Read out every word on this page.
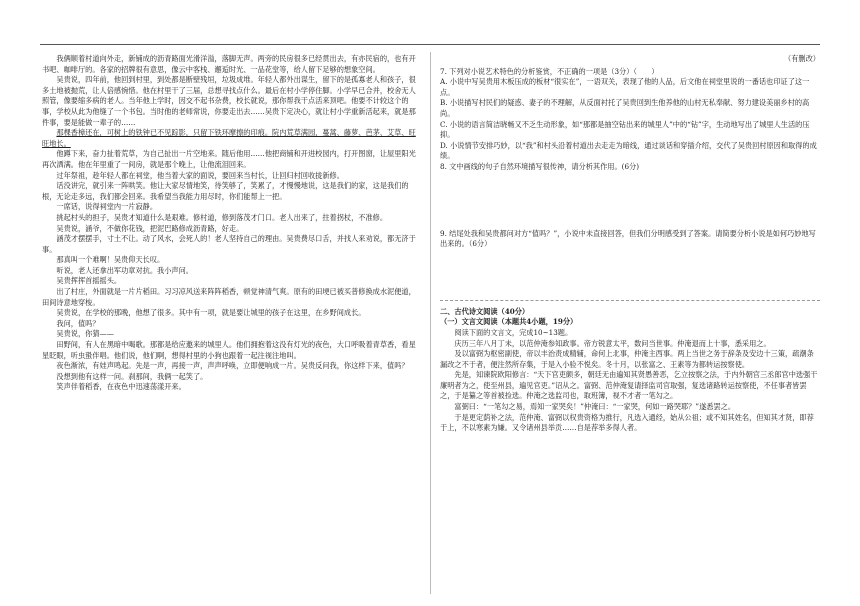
我俩顺着村道向外走，新铺成的沥青路面光滑洋溢，落脚无声。两旁的民房很多已经贯出去，有亦民宿的，也有开书吧、咖啡厅的。各家的招牌很有意思，像云中客栈、邂逅时光、一品花堂等，给人留下足够的想象空间。

吴贵说，四年前，他回到村里，到处都是断壁残垣，垃圾成堆。年轻人都外出谋生，留下的是孤寡老人和孩子，很多土地被抛荒，让人倍感惋惜。他在村里干了三届，总想寻找点什么。最后在村小学停住脚。小学早已合并，校舍无人照管，像要缩多病的老人。当年他上学时，因交不起书杂费，校长就说，那你帮我干点活来顶吧。他要不计较这个的事，学校从此为他缝了一个书包。当时他的老师常说，你要走出去……吴贵下定决心，就让村小学重新活起来，就是那件事，要是能做一辈子的……

那棵香樟还在，可树上的铁钟已不见踪影，只留下铁环摩擦的印痕。院内荒草满园，蔓蒿、藤萝、芭茅、艾草、旺旺地长。

他蹲下来，奋力扯着荒草，为自己扯出一片空地来。随后他用……他把商铺和开进校园内，打开图窗，让屋里阳光再次洒满。他在年里重了一间房，就是那个晚上，让他流泪回来。

过年祭祖，趁年轻人都在祠堂，他当着大家的面说，要回来当村长，让回归村回收拢新修。

话没讲完，就引来一阵哄笑。他让大家尽情地笑，待笑够了，笑累了，才慢慢地说，这是我们的家，这是我们的根，无论走多远，我们都会回来。我希望当我能力用尽时，你们能帮上一把。

一席话，说得祠堂内一片寂静。

挑起村头的担子，吴贵才知道什么是艰难。修村道，修到落茂才门口。老人出来了，拄着拐杖，不准修。

吴贵说，涵爷，不做你花钱，把泥巴路修成沥青路，好走。

涵茂才摆摆手，寸土不让。动了风水，会死人的！老人坚持自己的理由。吴贵费尽口舌，并找人来劝说，都无济于事。

那真叫一个难啊！吴贵仰天长叹。

听说，老人还拿出军功章对抗。我小声问。

吴贵挥挥首摇摇头。

出了村庄，外面就是一片片稻田。习习凉风送来阵阵稻香，顿觉神清气爽。原有的田埂已被买普修换成水泥便道，田间诗意地穿梭。

吴贵说，在学校的那晚，他想了很多。其中有一项，就是要让城里的孩子在这里，在乡野间成长。

我问，值吗？

吴贵说，你猜——

田野间，有人在黑暗中喝歌。那都是给应邀来的城里人。他们拥抱着这没有灯光的夜色，大口呼吸着青草香，看星星眨眼，听虫蛩伴唱。他们说，他们啊，想得村里的小狗也跟着一起注视注地叫。

夜色渐浓，有娃声鸣起。先是一声，再接一声，声声呼唤，立即便响成一片。吴贵反问我，你这样下来，值吗？

没想到他有这样一问。刹那间，我俩一起笑了。

笑声伴着稻香，在夜色中迅速荡漾开来。

（有删改）

7. 下列对小说艺术特色的分析鉴赏，不正确的一项是（3分）（　　）

A. 小说中写吴贵用木板压成的板材“很实在”，一语双关，表现了他的人品，后文他在祠堂里说的一番话也印证了这一点。

B. 小说描写村民们的疑惑、妻子的不理解，从反面衬托了吴贵回到生他养他的山村无私奉献、努力建设美丽乡村的高尚。

C. 小说的语言简洁晓畅又不乏生动形象，如“那都是抽空钻出来的城里人”中的“钻”字，生动地写出了城里人生活的压抑。

D. 小说情节安排巧妙，以“我”和村头沿着村道出去走走为暗线，通过谈话和穿插介绍，交代了吴贵回村原因和取得的成绩。

8. 文中画线的句子自然环境描写很传神，请分析其作用。(6分)

9. 结尾处我和吴贵都问对方“值吗？”，小说中未直接回答，但我们分明感受到了答案。请简要分析小说是如何巧妙地写出来的。（6分）

二、古代诗文阅读（40分）

（一）文言文阅读（本题共4小题，19分）

阅读下面的文言文，完成10~13题。

庆历三年八月丁未，以范仲淹参知政事。帝方锐意太平，数问当世事。仲淹退而上十事，悉采用之。

及以富弼为枢密副使，帝以丰治责成精辅，命何上北事，仲淹主西事。两上当世之务于辞条及安边十三策，疏潮条漏改之不于者，便注然所存集，于是入小验不悦矣。冬十月，以张富之、王素等为都转运按察使。

先是，知谏院欧阳修言：“天下官吏颇多，朝廷无由遍知其贤愚善恶，乞立按察之法，于内外朝官三丞郎官中选强干廉明者为之，使至州县，遍见官吏。”诏从之。富弼、范仲淹复请择监司官取强，复选诸路转运按察使，不任事者皆罢之，于是纂之等首被捡选。仲淹之选监司也，取班簿，视不才者一笔勾之。

富弼曰：“一笔勾之易，焉知一家哭矣！”仲淹曰：“一家哭，何如一路哭耶？”遂悉罢之。

于是更定荫补之法，范仲淹、富弼以权贵资格为推行，凡选入通经，始从公祖；或不知其姓名，但知其才贤，即荐于上，不以寒素为嫌。又令诸州县举贡……自是荐举多得人者。
